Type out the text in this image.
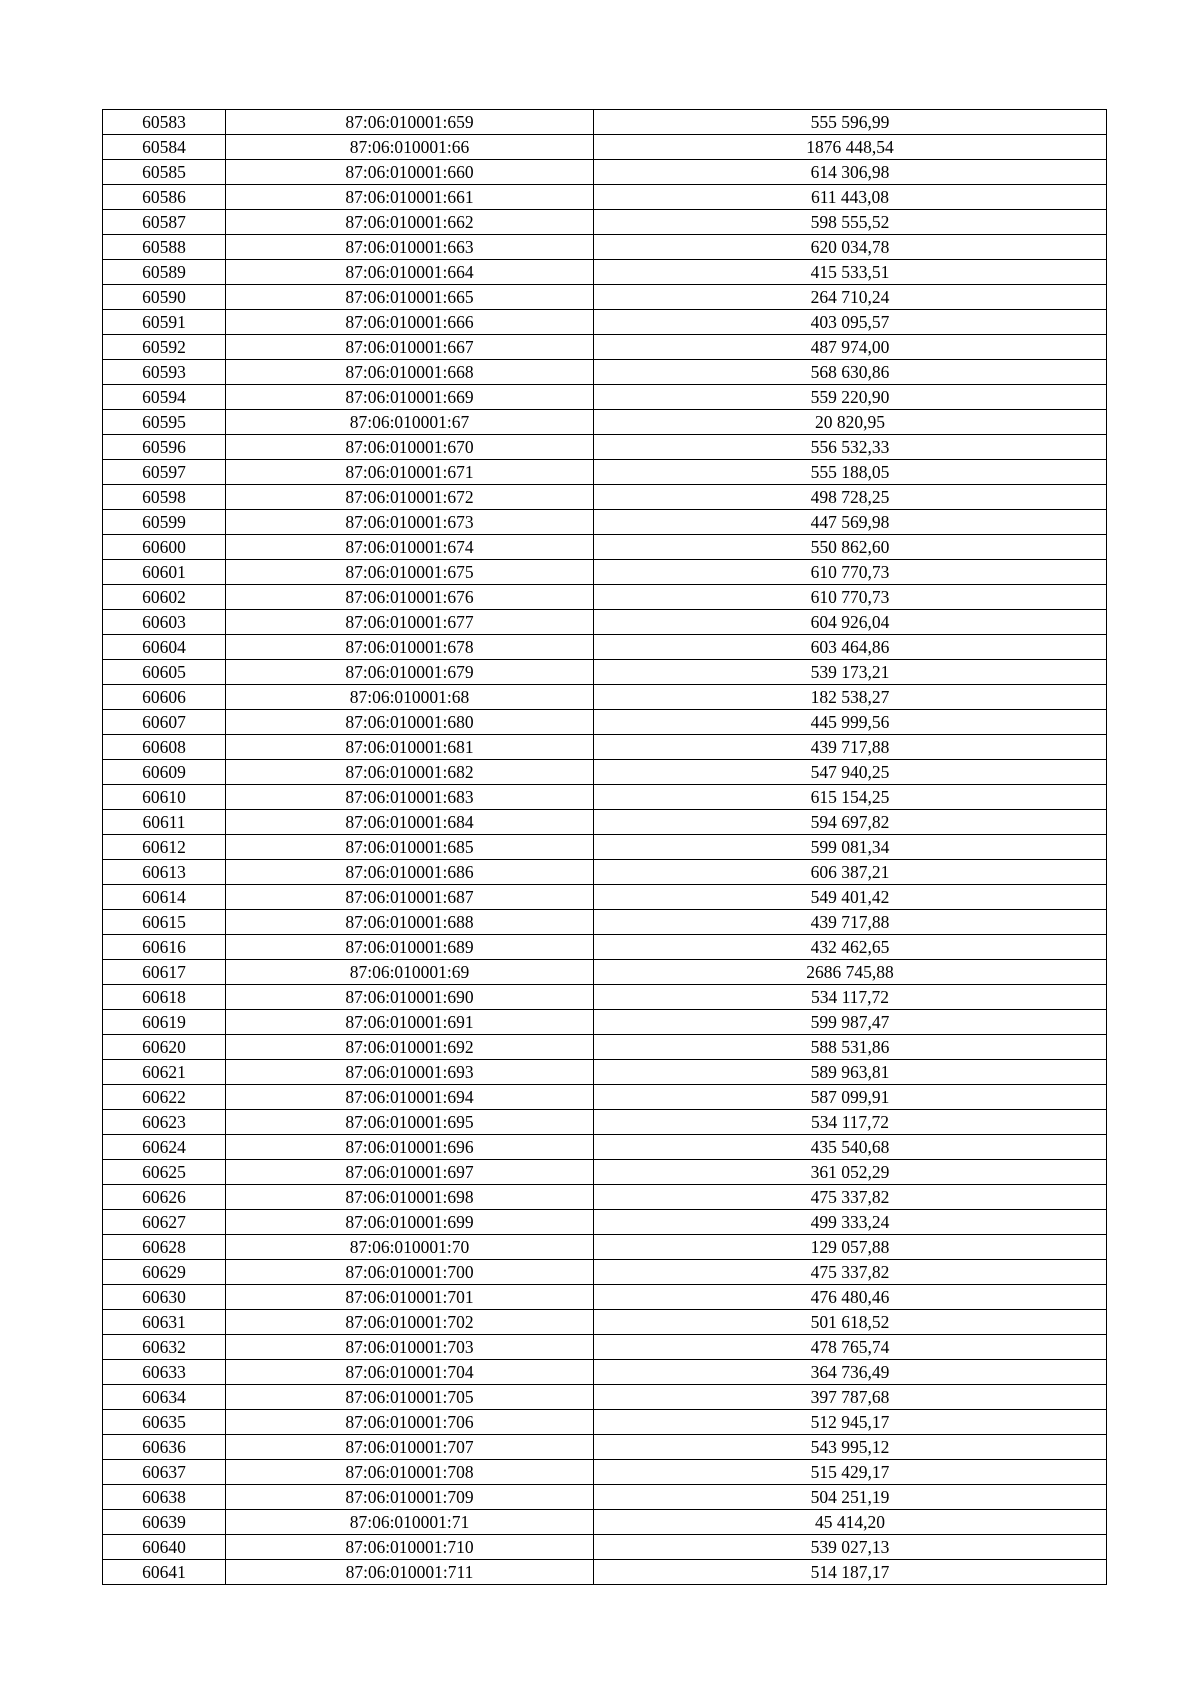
60583	87:06:010001:659	555 596,99
60584	87:06:010001:66	1876 448,54
60585	87:06:010001:660	614 306,98
60586	87:06:010001:661	611 443,08
60587	87:06:010001:662	598 555,52
60588	87:06:010001:663	620 034,78
60589	87:06:010001:664	415 533,51
60590	87:06:010001:665	264 710,24
60591	87:06:010001:666	403 095,57
60592	87:06:010001:667	487 974,00
60593	87:06:010001:668	568 630,86
60594	87:06:010001:669	559 220,90
60595	87:06:010001:67	20 820,95
60596	87:06:010001:670	556 532,33
60597	87:06:010001:671	555 188,05
60598	87:06:010001:672	498 728,25
60599	87:06:010001:673	447 569,98
60600	87:06:010001:674	550 862,60
60601	87:06:010001:675	610 770,73
60602	87:06:010001:676	610 770,73
60603	87:06:010001:677	604 926,04
60604	87:06:010001:678	603 464,86
60605	87:06:010001:679	539 173,21
60606	87:06:010001:68	182 538,27
60607	87:06:010001:680	445 999,56
60608	87:06:010001:681	439 717,88
60609	87:06:010001:682	547 940,25
60610	87:06:010001:683	615 154,25
60611	87:06:010001:684	594 697,82
60612	87:06:010001:685	599 081,34
60613	87:06:010001:686	606 387,21
60614	87:06:010001:687	549 401,42
60615	87:06:010001:688	439 717,88
60616	87:06:010001:689	432 462,65
60617	87:06:010001:69	2686 745,88
60618	87:06:010001:690	534 117,72
60619	87:06:010001:691	599 987,47
60620	87:06:010001:692	588 531,86
60621	87:06:010001:693	589 963,81
60622	87:06:010001:694	587 099,91
60623	87:06:010001:695	534 117,72
60624	87:06:010001:696	435 540,68
60625	87:06:010001:697	361 052,29
60626	87:06:010001:698	475 337,82
60627	87:06:010001:699	499 333,24
60628	87:06:010001:70	129 057,88
60629	87:06:010001:700	475 337,82
60630	87:06:010001:701	476 480,46
60631	87:06:010001:702	501 618,52
60632	87:06:010001:703	478 765,74
60633	87:06:010001:704	364 736,49
60634	87:06:010001:705	397 787,68
60635	87:06:010001:706	512 945,17
60636	87:06:010001:707	543 995,12
60637	87:06:010001:708	515 429,17
60638	87:06:010001:709	504 251,19
60639	87:06:010001:71	45 414,20
60640	87:06:010001:710	539 027,13
60641	87:06:010001:711	514 187,17
